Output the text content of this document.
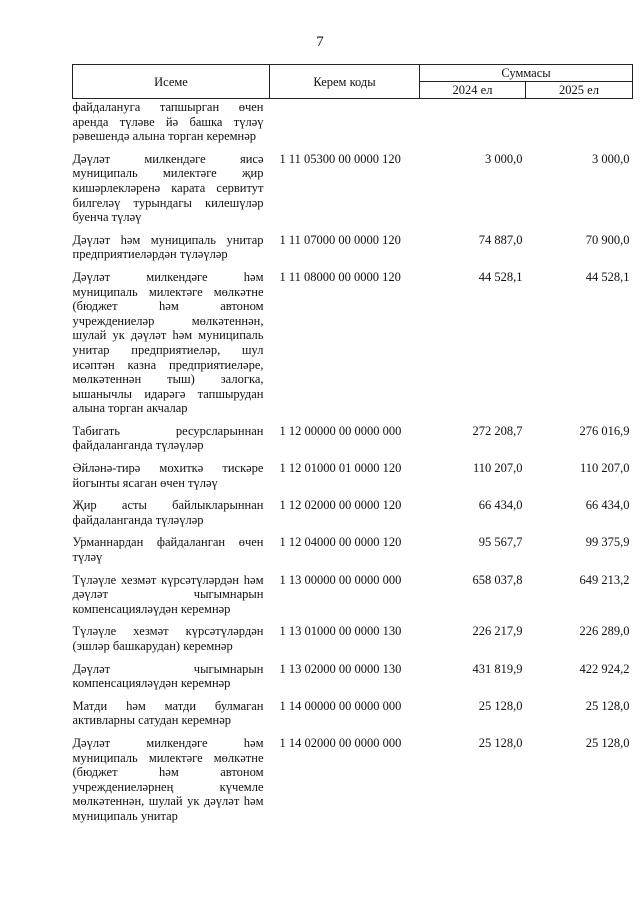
7
Исеме	Керем коды	Суммасы	
		2024 ел	2025 ел
файдалануга тапшырган өчен аренда түләве йә башка түләү рәвешендә алына торган керемнәр			
Дәүләт милкендәге яисә муниципаль милектәге җир кишәрлекләренә карата сервитут билгеләү турындагы килешүләр буенча түләү	1 11 05300 00 0000 120	3 000,0	3 000,0
Дәүләт һәм муниципаль унитар предприятиеләрдән түләүләр	1 11 07000 00 0000 120	74 887,0	70 900,0
Дәүләт милкендәге һәм муниципаль милектәге мөлкәтне (бюджет һәм автоном учреждениеләр мөлкәтеннән, шулай ук дәүләт һәм муниципаль унитар предприятиеләр, шул исәптән казна предприятиеләре, мөлкәтеннән тыш) залогка, ышанычлы идарәгә тапшырудан алына торган акчалар	1 11 08000 00 0000 120	44 528,1	44 528,1
Табигать ресурсларыннан файдаланганда түләүләр	1 12 00000 00 0000 000	272 208,7	276 016,9
Әйләнә-тирә мохиткә тискәре йогынты ясаган өчен түләү	1 12 01000 01 0000 120	110 207,0	110 207,0
Җир асты байлыкларыннан файдаланганда түләүләр	1 12 02000 00 0000 120	66 434,0	66 434,0
Урманнардан файдаланган өчен түләү	1 12 04000 00 0000 120	95 567,7	99 375,9
Түләүле хезмәт күрсәтүләрдән һәм дәүләт чыгымнарын компенсацияләүдән керемнәр	1 13 00000 00 0000 000	658 037,8	649 213,2
Түләүле хезмәт күрсәтүләрдән (эшләр башкарудан) керемнәр	1 13 01000 00 0000 130	226 217,9	226 289,0
Дәүләт чыгымнарын компенсацияләүдән керемнәр	1 13 02000 00 0000 130	431 819,9	422 924,2
Матди һәм матди булмаган активларны сатудан керемнәр	1 14 00000 00 0000 000	25 128,0	25 128,0
Дәүләт милкендәге һәм муниципаль милектәге мөлкәтне (бюджет һәм автоном учреждениеләрнең күчемле мөлкәтеннән, шулай ук дәүләт һәм муниципаль унитар	1 14 02000 00 0000 000	25 128,0	25 128,0
